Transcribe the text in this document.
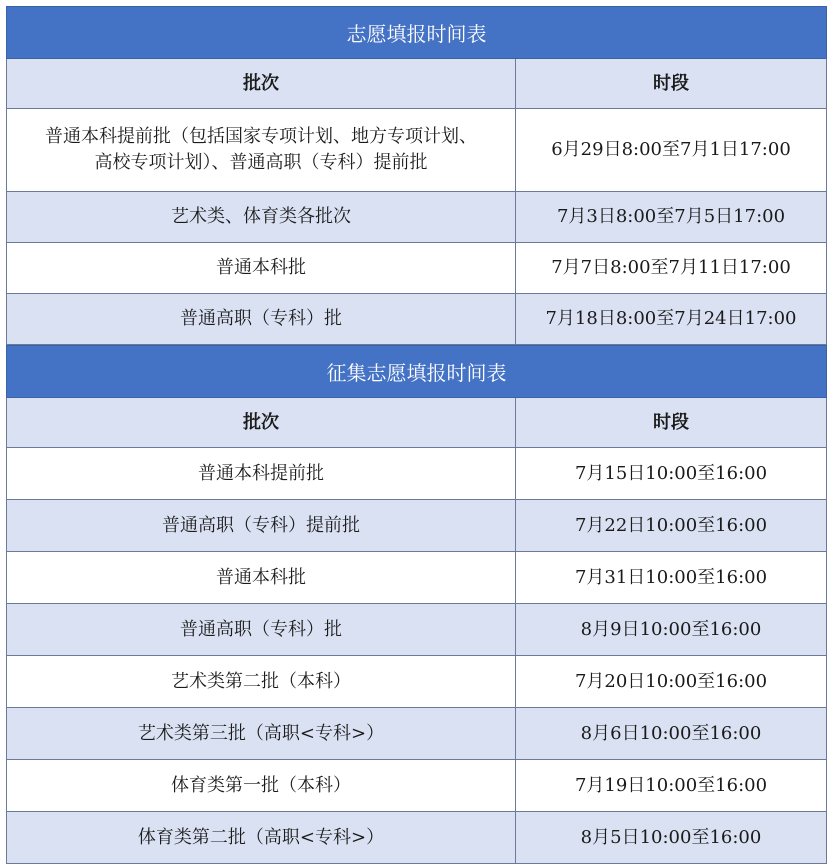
志愿填报时间表
批次	时段
普通本科提前批（包括国家专项计划、地方专项计划、
高校专项计划）、普通高职（专科）提前批
6月29日8:00至7月1日17:00
艺术类、体育类各批次	7月3日8:00至7月5日17:00
普通本科批	7月7日8:00至7月11日17:00
普通高职（专科）批	7月18日8:00至7月24日17:00
征集志愿填报时间表
批次	时段
普通本科提前批	7月15日10:00至16:00
普通高职（专科）提前批	7月22日10:00至16:00
普通本科批	7月31日10:00至16:00
普通高职（专科）批	8月9日10:00至16:00
艺术类第二批（本科）	7月20日10:00至16:00
艺术类第三批（高职<专科>）	8月6日10:00至16:00
体育类第一批（本科）	7月19日10:00至16:00
体育类第二批（高职<专科>）	8月5日10:00至16:00
